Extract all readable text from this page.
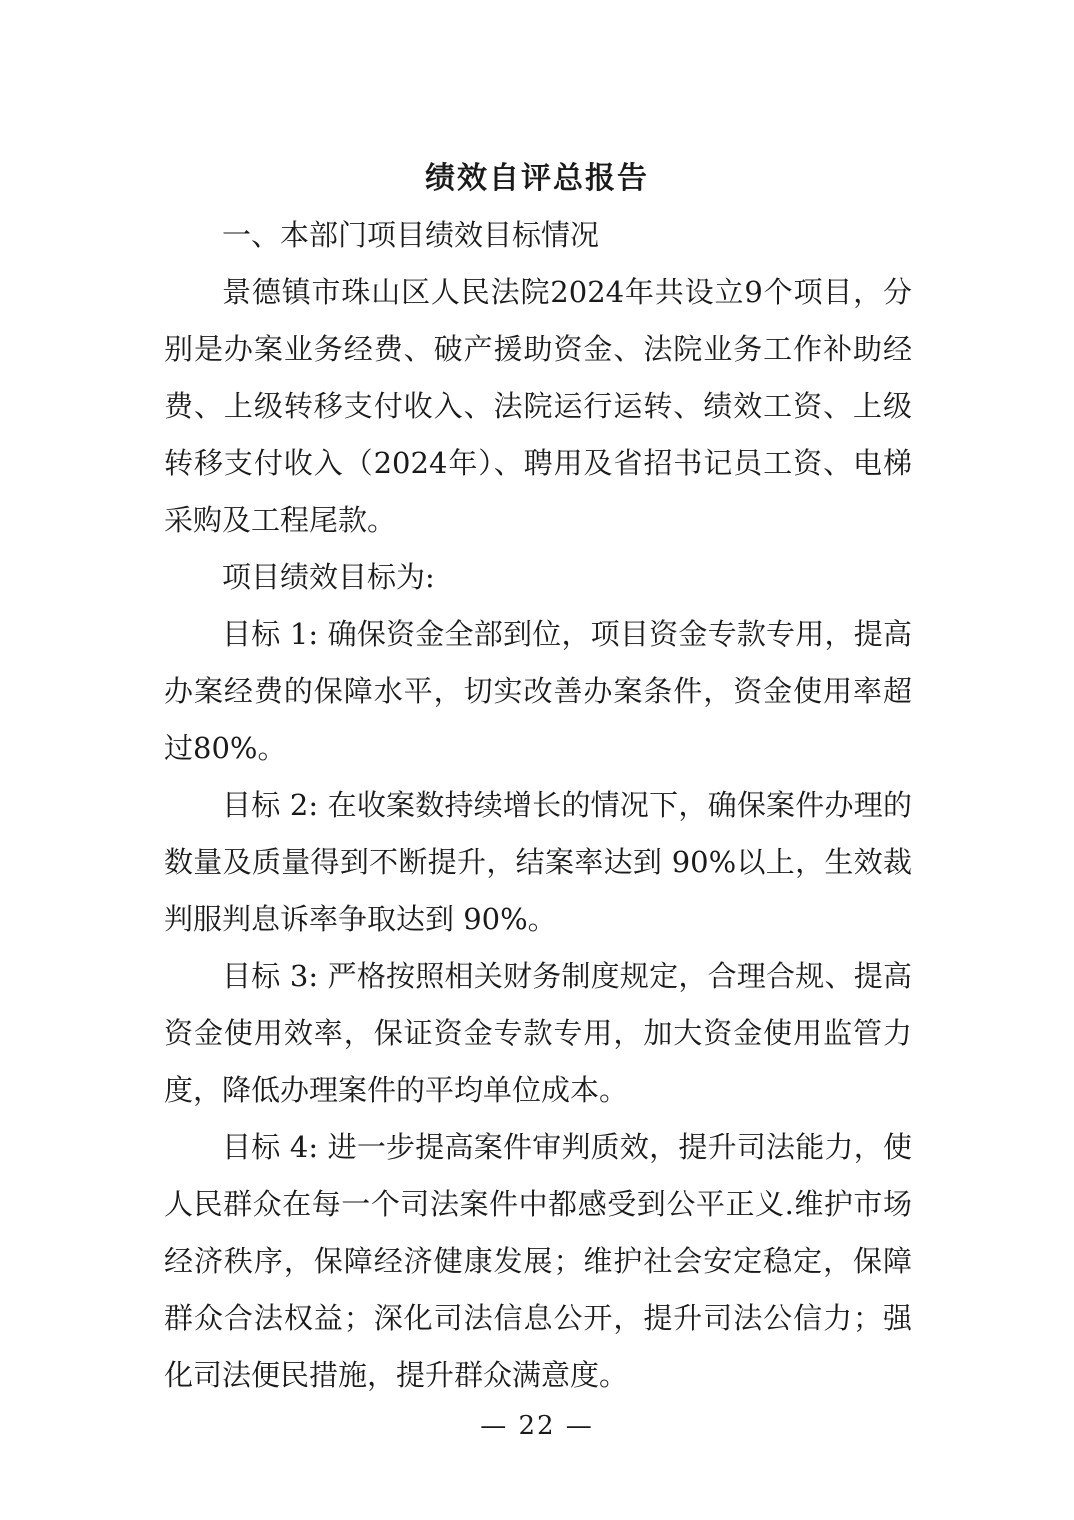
绩效自评总报告

一、本部门项目绩效目标情况

景德镇市珠山区人民法院2024年共设立9个项目，分别是办案业务经费、破产援助资金、法院业务工作补助经费、上级转移支付收入、法院运行运转、绩效工资、上级转移支付收入（2024年）、聘用及省招书记员工资、电梯采购及工程尾款。

项目绩效目标为:

目标 1: 确保资金全部到位，项目资金专款专用，提高办案经费的保障水平，切实改善办案条件，资金使用率超过80%。

目标 2: 在收案数持续增长的情况下，确保案件办理的数量及质量得到不断提升，结案率达到 90%以上，生效裁判服判息诉率争取达到 90%。

目标 3: 严格按照相关财务制度规定，合理合规、提高资金使用效率，保证资金专款专用，加大资金使用监管力度，降低办理案件的平均单位成本。

目标 4: 进一步提高案件审判质效，提升司法能力，使人民群众在每一个司法案件中都感受到公平正义.维护市场经济秩序，保障经济健康发展；维护社会安定稳定，保障群众合法权益；深化司法信息公开，提升司法公信力；强化司法便民措施，提升群众满意度。

— 22 —
